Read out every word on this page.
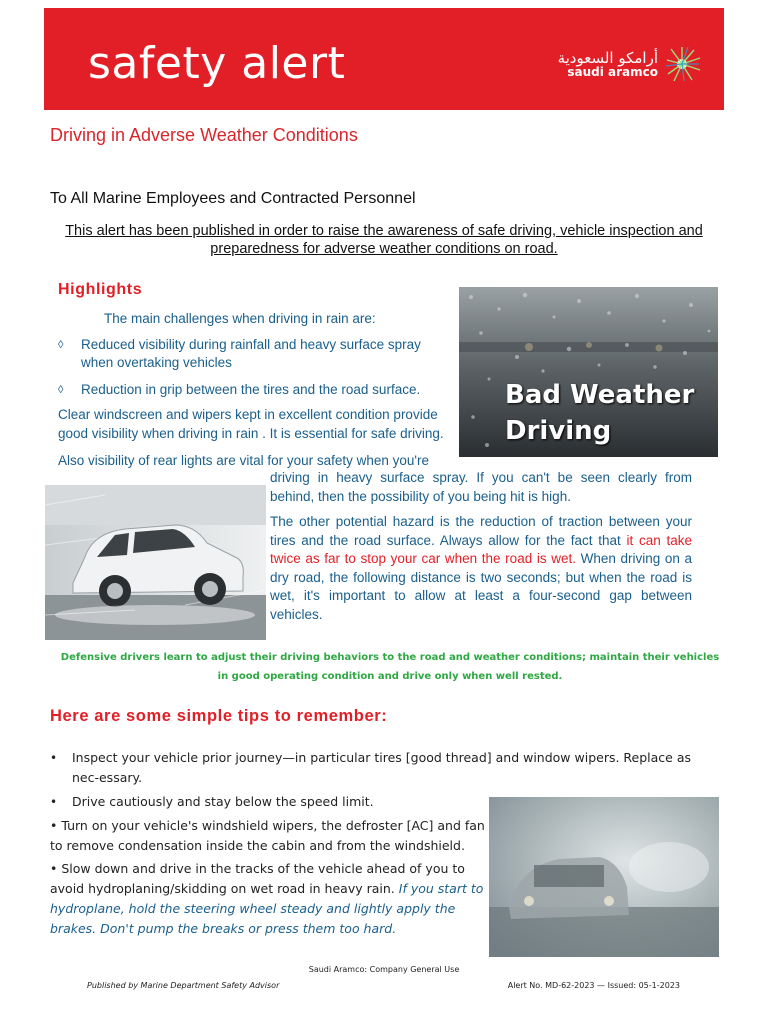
safety alert	أرامكو السعودية
saudi aramco
Driving in Adverse Weather Conditions
To All Marine Employees and Contracted Personnel
This alert has been published in order to raise the awareness of safe driving, vehicle inspection and preparedness for adverse weather conditions on road.
Highlights
The main challenges when driving in rain are:
◊ Reduced visibility during rainfall and heavy surface spray
when overtaking vehicles
◊ Reduction in grip between the tires and the road surface.
Clear windscreen and wipers kept in excellent condition provide
good visibility when driving in rain . It is essential for safe driving.
Also visibility of rear lights are vital for your safety when you're
driving in heavy surface spray. If you can't be seen clearly from behind, then the possibility of you being hit is high.
The other potential hazard is the reduction of traction between your tires and the road surface. Always allow for the fact that it can take twice as far to stop your car when the road is wet. When driving on a dry road, the following distance is two seconds; but when the road is wet, it's important to allow at least a four-second gap between vehicles.
Bad Weather
Driving
Defensive drivers learn to adjust their driving behaviors to the road and weather conditions; maintain their vehicles in good operating condition and drive only when well rested.
Here are some simple tips to remember:
• Inspect your vehicle prior journey—in particular tires [good thread] and window wipers. Replace as nec-essary.
• Drive cautiously and stay below the speed limit.
• Turn on your vehicle's windshield wipers, the defroster [AC] and fan to remove condensation inside the cabin and from the windshield.
• Slow down and drive in the tracks of the vehicle ahead of you to avoid hydroplaning/skidding on wet road in heavy rain. If you start to hydroplane, hold the steering wheel steady and lightly apply the brakes. Don't pump the breaks or press them too hard.
Saudi Aramco: Company General Use
Published by Marine Department Safety Advisor	Alert No. MD-62-2023 — Issued: 05-1-2023
